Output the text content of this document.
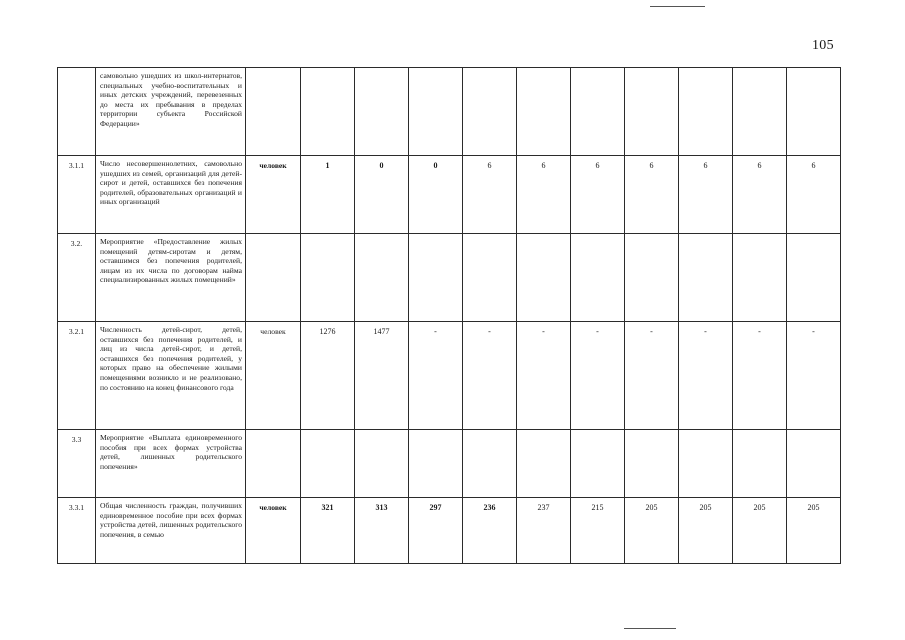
105
	самовольно ушедших из школ-интернатов, специальных учебно-воспитательных и иных детских учреждений, перевезенных до места их пребывания в пределах территории субъекта Российской Федерации»											
3.1.1	Число несовершеннолетних, самовольно ушедших из семей, организаций для детей-сирот и детей, оставшихся без попечения родителей, образовательных организаций и иных организаций	человек	1	0	0	6	6	6	6	6	6	6
3.2.	Мероприятие «Предоставление жилых помещений детям-сиротам и детям, оставшимся без попечения родителей, лицам из их числа по договорам найма специализированных жилых помещений»											
3.2.1	Численность детей-сирот, детей, оставшихся без попечения родителей, и лиц из числа детей-сирот, и детей, оставшихся без попечения родителей, у которых право на обеспечение жилыми помещениями возникло и не реализовано, по состоянию на конец финансового года	человек	1276	1477	-	-	-	-	-	-	-	-
3.3	Мероприятие «Выплата единовременного пособия при всех формах устройства детей, лишенных родительского попечения»											
3.3.1	Общая численность граждан, получивших единовременное пособие при всех формах устройства детей, лишенных родительского попечения, в семью	человек	321	313	297	236	237	215	205	205	205	205
